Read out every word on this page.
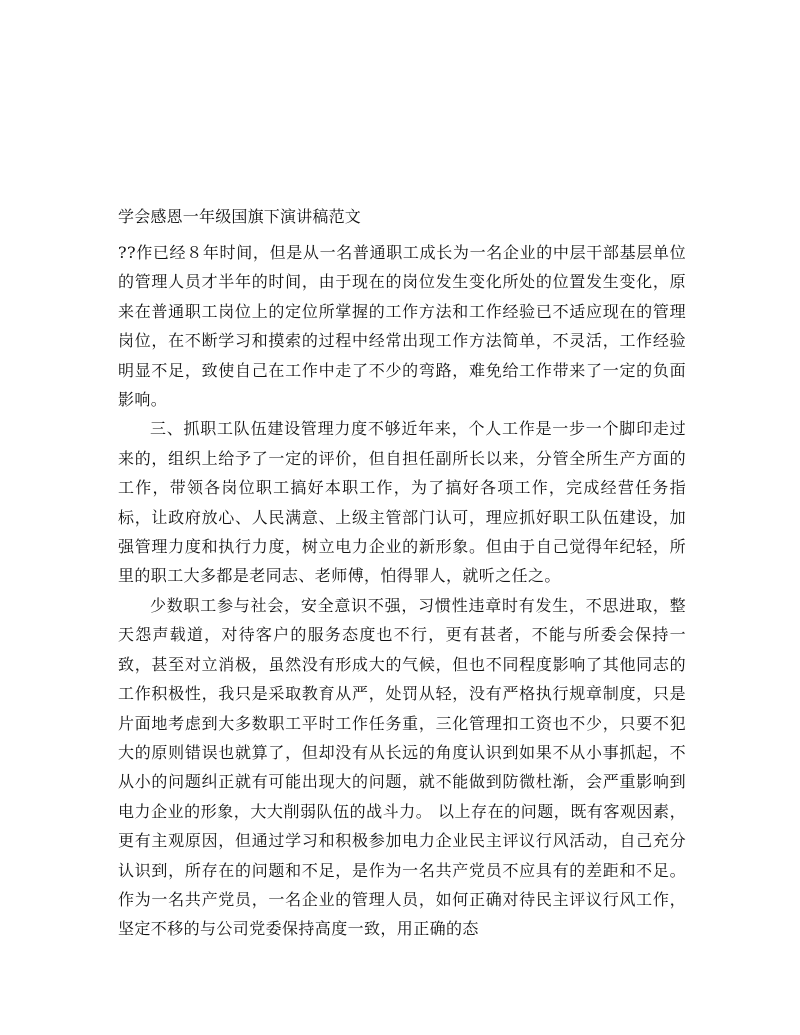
学会感恩一年级国旗下演讲稿范文

??作已经８年时间，但是从一名普通职工成长为一名企业的中层干部基层单位的管理人员才半年的时间，由于现在的岗位发生变化所处的位置发生变化，原来在普通职工岗位上的定位所掌握的工作方法和工作经验已不适应现在的管理岗位，在不断学习和摸索的过程中经常出现工作方法简单，不灵活，工作经验明显不足，致使自己在工作中走了不少的弯路，难免给工作带来了一定的负面影响。

三、抓职工队伍建设管理力度不够近年来，个人工作是一步一个脚印走过来的，组织上给予了一定的评价，但自担任副所长以来，分管全所生产方面的工作，带领各岗位职工搞好本职工作，为了搞好各项工作，完成经营任务指标，让政府放心、人民满意、上级主管部门认可，理应抓好职工队伍建设，加强管理力度和执行力度，树立电力企业的新形象。但由于自己觉得年纪轻，所里的职工大多都是老同志、老师傅，怕得罪人，就听之任之。

少数职工参与社会，安全意识不强，习惯性违章时有发生，不思进取，整天怨声载道，对待客户的服务态度也不行，更有甚者，不能与所委会保持一致，甚至对立消极，虽然没有形成大的气候，但也不同程度影响了其他同志的工作积极性，我只是采取教育从严，处罚从轻，没有严格执行规章制度，只是片面地考虑到大多数职工平时工作任务重，三化管理扣工资也不少，只要不犯大的原则错误也就算了，但却没有从长远的角度认识到如果不从小事抓起，不从小的问题纠正就有可能出现大的问题，就不能做到防微杜渐，会严重影响到电力企业的形象，大大削弱队伍的战斗力。 以上存在的问题，既有客观因素，更有主观原因，但通过学习和积极参加电力企业民主评议行风活动，自己充分认识到，所存在的问题和不足，是作为一名共产党员不应具有的差距和不足。作为一名共产党员，一名企业的管理人员，如何正确对待民主评议行风工作，坚定不移的与公司党委保持高度一致，用正确的态
